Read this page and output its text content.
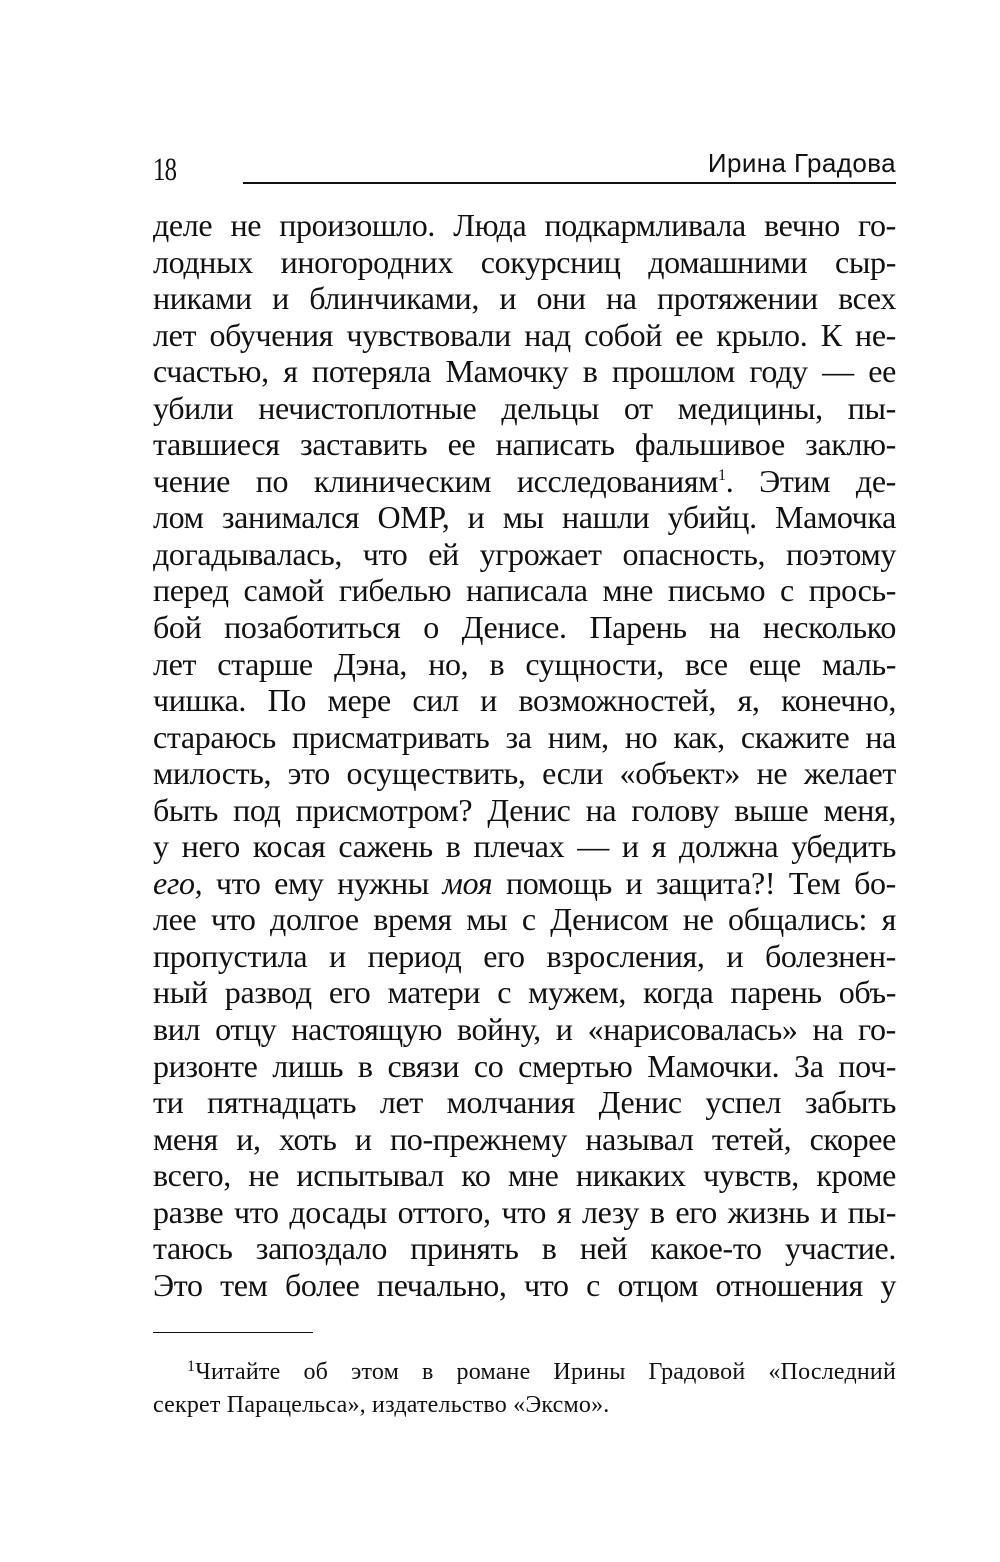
18	Ирина Градова
деле не произошло. Люда подкармливала вечно го-
лодных иногородних сокурсниц домашними сыр-
никами и блинчиками, и они на протяжении всех
лет обучения чувствовали над собой ее крыло. К не-
счастью, я потеряла Мамочку в прошлом году — ее
убили нечистоплотные дельцы от медицины, пы-
тавшиеся заставить ее написать фальшивое заклю-
чение по клиническим исследованиям$^1$. Этим де-
лом занимался ОМР, и мы нашли убийц. Мамочка
догадывалась, что ей угрожает опасность, поэтому
перед самой гибелью написала мне письмо с прось-
бой позаботиться о Денисе. Парень на несколько
лет старше Дэна, но, в сущности, все еще маль-
чишка. По мере сил и возможностей, я, конечно,
стараюсь присматривать за ним, но как, скажите на
милость, это осуществить, если «объект» не желает
быть под присмотром? Денис на голову выше меня,
у него косая сажень в плечах — и я должна убедить
его, что ему нужны моя помощь и защита?! Тем бо-
лее что долгое время мы с Денисом не общались: я
пропустила и период его взросления, и болезнен-
ный развод его матери с мужем, когда парень объ-
вил отцу настоящую войну, и «нарисовалась» на го-
ризонте лишь в связи со смертью Мамочки. За поч-
ти пятнадцать лет молчания Денис успел забыть
меня и, хоть и по-прежнему называл тетей, скорее
всего, не испытывал ко мне никаких чувств, кроме
разве что досады оттого, что я лезу в его жизнь и пы-
таюсь запоздало принять в ней какое-то участие.
Это тем более печально, что с отцом отношения у
$^1$Читайте об этом в романе Ирины Градовой «Последний
секрет Парацельса», издательство «Эксмо».
